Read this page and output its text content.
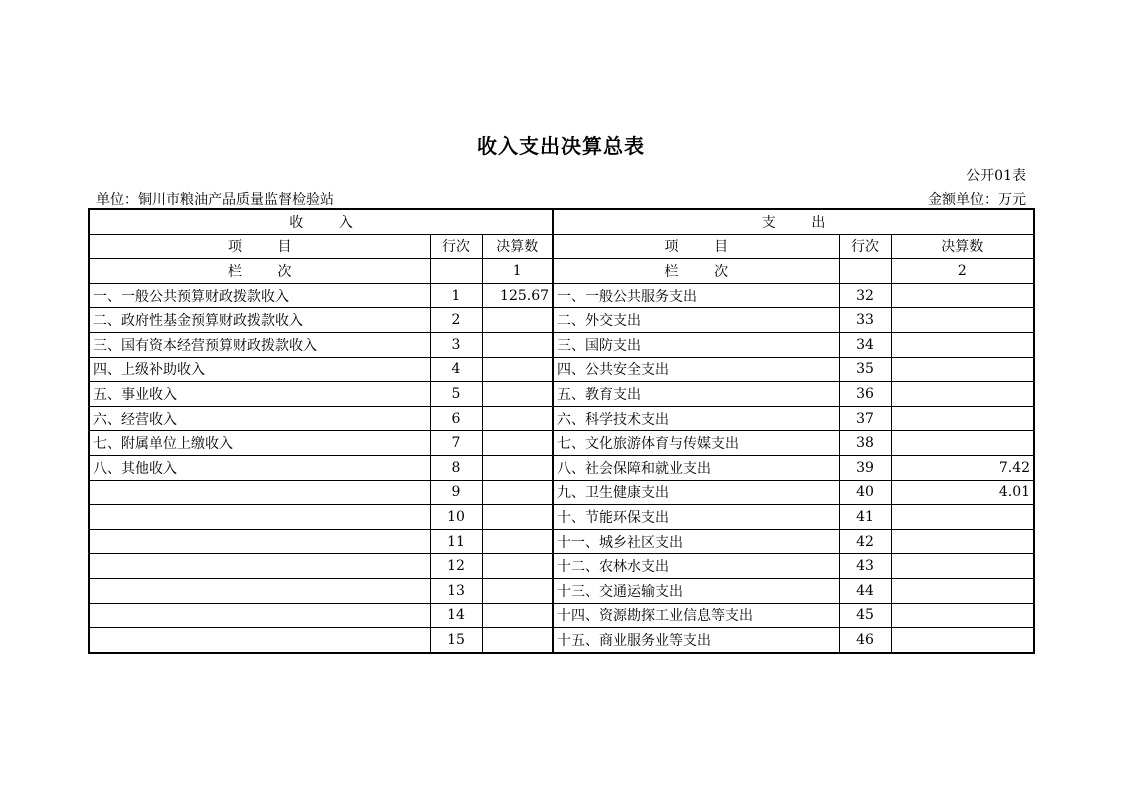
收入支出决算总表
公开01表
单位：铜川市粮油产品质量监督检验站	金额单位：万元
收        入			支        出		
项        目	行次	决算数	项        目	行次	决算数
栏        次		1	栏        次		2
一、一般公共预算财政拨款收入	1	125.67	一、一般公共服务支出	32	
二、政府性基金预算财政拨款收入	2		二、外交支出	33	
三、国有资本经营预算财政拨款收入	3		三、国防支出	34	
四、上级补助收入	4		四、公共安全支出	35	
五、事业收入	5		五、教育支出	36	
六、经营收入	6		六、科学技术支出	37	
七、附属单位上缴收入	7		七、文化旅游体育与传媒支出	38	
八、其他收入	8		八、社会保障和就业支出	39	7.42
	9		九、卫生健康支出	40	4.01
	10		十、节能环保支出	41	
	11		十一、城乡社区支出	42	
	12		十二、农林水支出	43	
	13		十三、交通运输支出	44	
	14		十四、资源勘探工业信息等支出	45	
	15		十五、商业服务业等支出	46	
